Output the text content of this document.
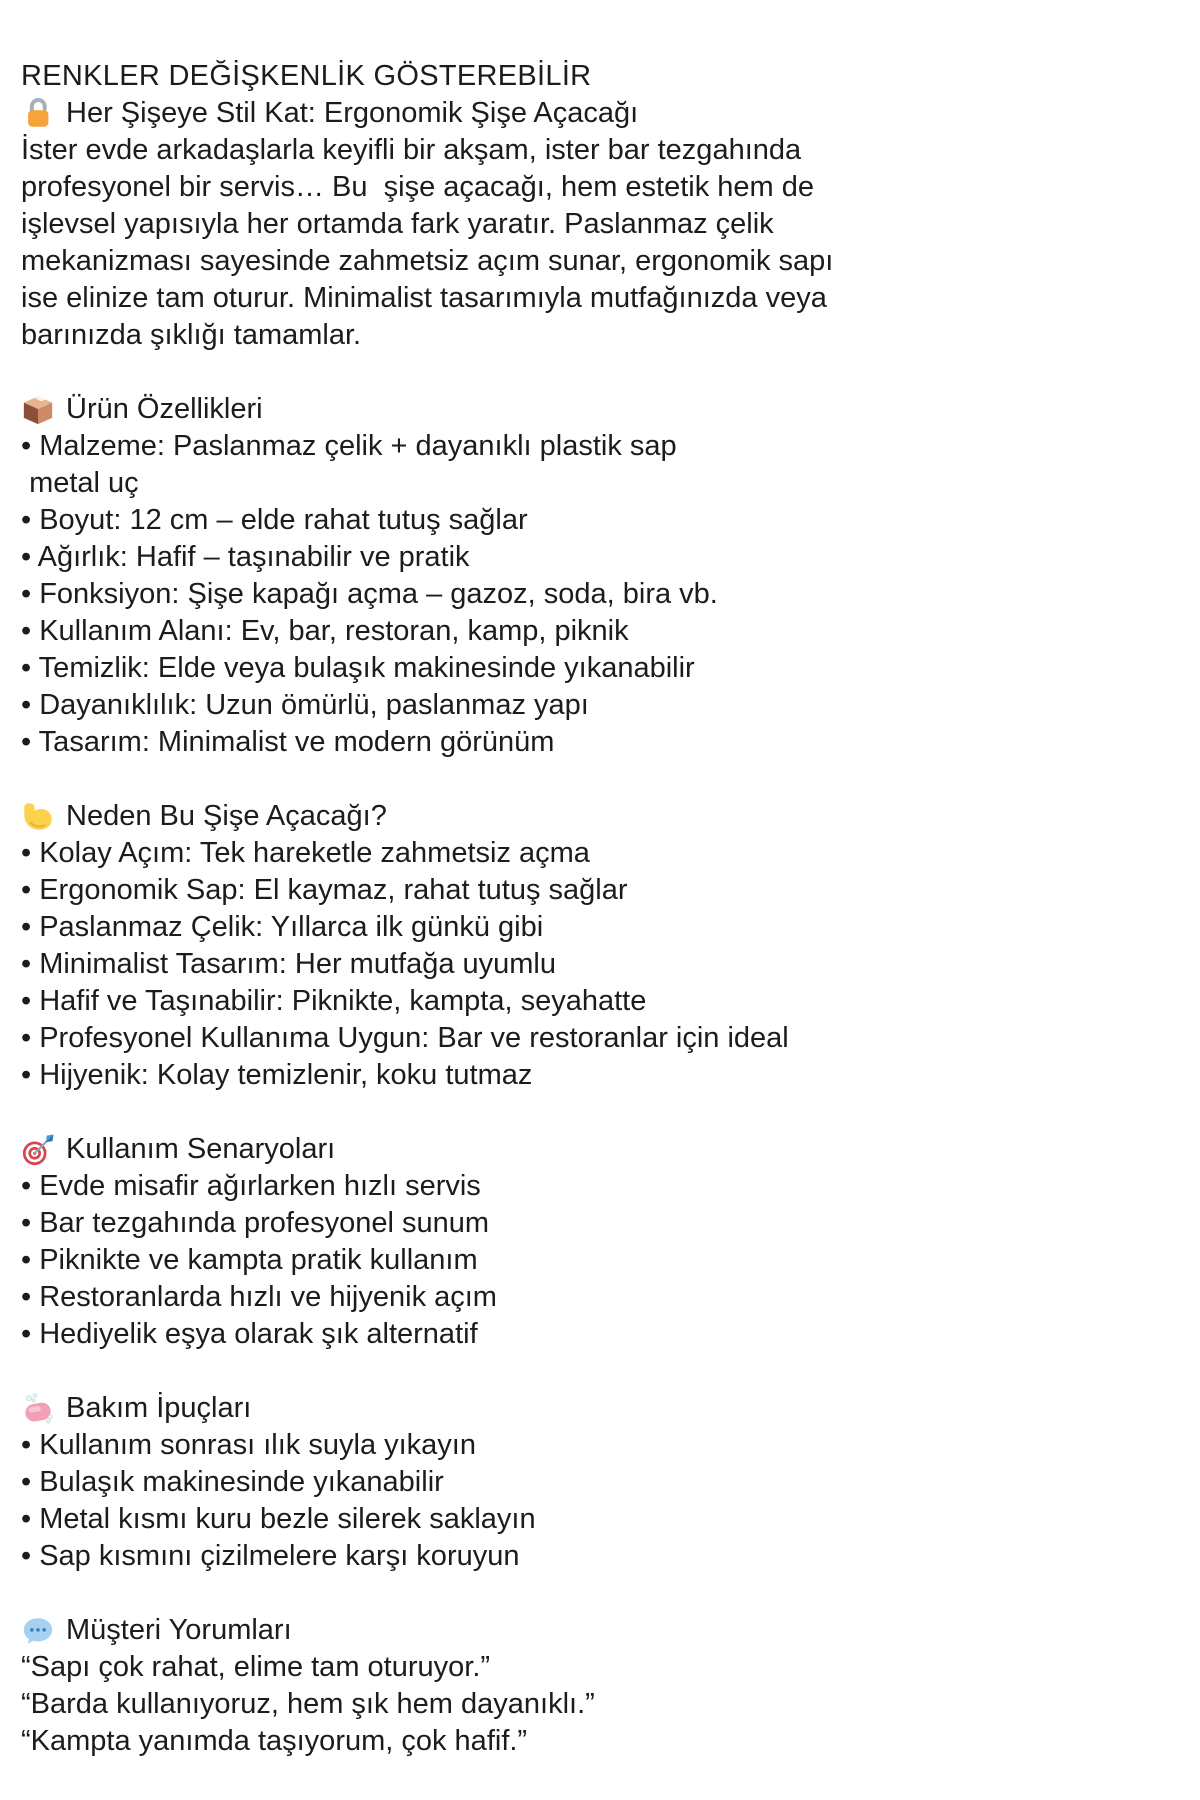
RENKLER DEĞİŞKENLİK GÖSTEREBİLİR
Her Şişeye Stil Kat: Ergonomik Şişe Açacağı
İster evde arkadaşlarla keyifli bir akşam, ister bar tezgahında
profesyonel bir servis… Bu  şişe açacağı, hem estetik hem de
işlevsel yapısıyla her ortamda fark yaratır. Paslanmaz çelik
mekanizması sayesinde zahmetsiz açım sunar, ergonomik sapı
ise elinize tam oturur. Minimalist tasarımıyla mutfağınızda veya
barınızda şıklığı tamamlar.
Ürün Özellikleri
• Malzeme: Paslanmaz çelik + dayanıklı plastik sap
metal uç
• Boyut: 12 cm – elde rahat tutuş sağlar
• Ağırlık: Hafif – taşınabilir ve pratik
• Fonksiyon: Şişe kapağı açma – gazoz, soda, bira vb.
• Kullanım Alanı: Ev, bar, restoran, kamp, piknik
• Temizlik: Elde veya bulaşık makinesinde yıkanabilir
• Dayanıklılık: Uzun ömürlü, paslanmaz yapı
• Tasarım: Minimalist ve modern görünüm
Neden Bu Şişe Açacağı?
• Kolay Açım: Tek hareketle zahmetsiz açma
• Ergonomik Sap: El kaymaz, rahat tutuş sağlar
• Paslanmaz Çelik: Yıllarca ilk günkü gibi
• Minimalist Tasarım: Her mutfağa uyumlu
• Hafif ve Taşınabilir: Piknikte, kampta, seyahatte
• Profesyonel Kullanıma Uygun: Bar ve restoranlar için ideal
• Hijyenik: Kolay temizlenir, koku tutmaz
Kullanım Senaryoları
• Evde misafir ağırlarken hızlı servis
• Bar tezgahında profesyonel sunum
• Piknikte ve kampta pratik kullanım
• Restoranlarda hızlı ve hijyenik açım
• Hediyelik eşya olarak şık alternatif
Bakım İpuçları
• Kullanım sonrası ılık suyla yıkayın
• Bulaşık makinesinde yıkanabilir
• Metal kısmı kuru bezle silerek saklayın
• Sap kısmını çizilmelere karşı koruyun
Müşteri Yorumları
“Sapı çok rahat, elime tam oturuyor.”
“Barda kullanıyoruz, hem şık hem dayanıklı.”
“Kampta yanımda taşıyorum, çok hafif.”
